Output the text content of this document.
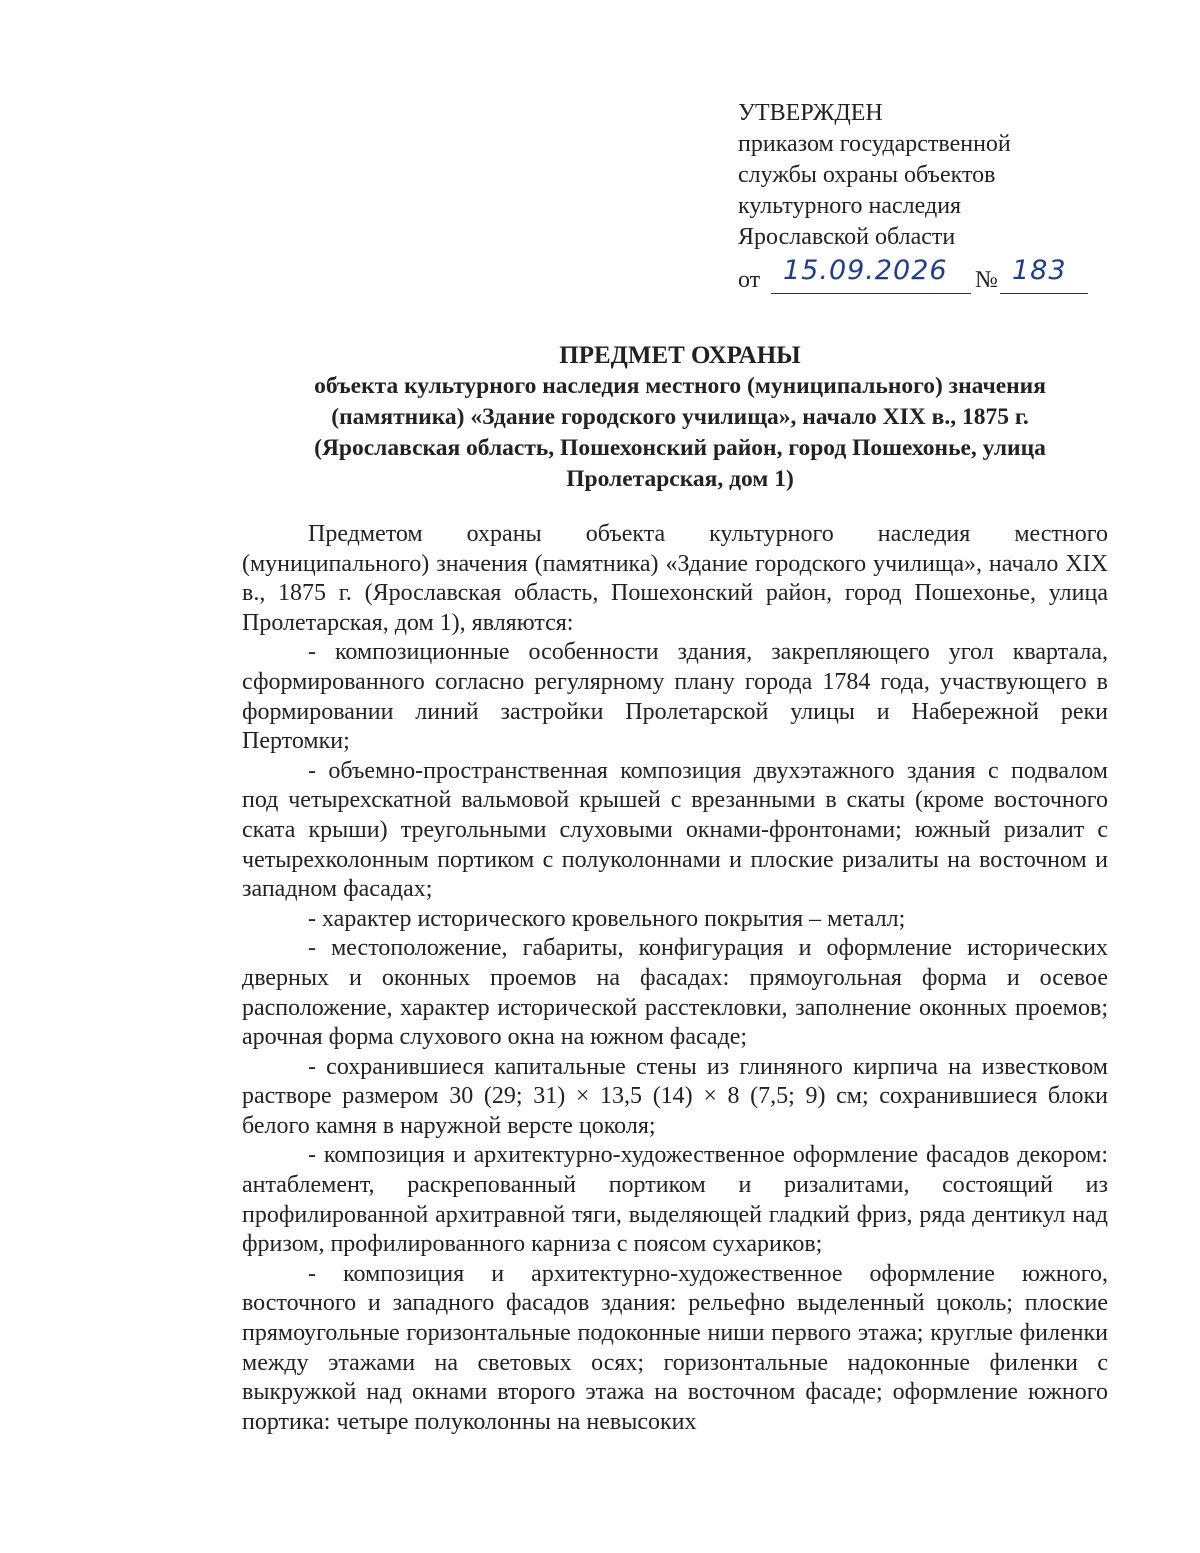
УТВЕРЖДЕН
приказом государственной
службы охраны объектов
культурного наследия
Ярославской области
от 15.09.2026 № 183
ПРЕДМЕТ ОХРАНЫ
объекта культурного наследия местного (муниципального) значения
(памятника) «Здание городского училища», начало XIX в., 1875 г.
(Ярославская область, Пошехонский район, город Пошехонье, улица
Пролетарская, дом 1)

Предметом охраны объекта культурного наследия местного (муниципального) значения (памятника) «Здание городского училища», начало XIX в., 1875 г. (Ярославская область, Пошехонский район, город Пошехонье, улица Пролетарская, дом 1), являются:

- композиционные особенности здания, закрепляющего угол квартала, сформированного согласно регулярному плану города 1784 года, участвующего в формировании линий застройки Пролетарской улицы и Набережной реки Пертомки;

- объемно-пространственная композиция двухэтажного здания с подвалом под четырехскатной вальмовой крышей с врезанными в скаты (кроме восточного ската крыши) треугольными слуховыми окнами-фронтонами; южный ризалит с четырехколонным портиком с полуколоннами и плоские ризалиты на восточном и западном фасадах;

- характер исторического кровельного покрытия – металл;

- местоположение, габариты, конфигурация и оформление исторических дверных и оконных проемов на фасадах: прямоугольная форма и осевое расположение, характер исторической расстекловки, заполнение оконных проемов; арочная форма слухового окна на южном фасаде;

- сохранившиеся капитальные стены из глиняного кирпича на известковом растворе размером 30 (29; 31) × 13,5 (14) × 8 (7,5; 9) см; сохранившиеся блоки белого камня в наружной версте цоколя;

- композиция и архитектурно-художественное оформление фасадов декором: антаблемент, раскрепованный портиком и ризалитами, состоящий из профилированной архитравной тяги, выделяющей гладкий фриз, ряда дентикул над фризом, профилированного карниза с поясом сухариков;

- композиция и архитектурно-художественное оформление южного, восточного и западного фасадов здания: рельефно выделенный цоколь; плоские прямоугольные горизонтальные подоконные ниши первого этажа; круглые филенки между этажами на световых осях; горизонтальные надоконные филенки с выкружкой над окнами второго этажа на восточном фасаде; оформление южного портика: четыре полуколонны на невысоких
